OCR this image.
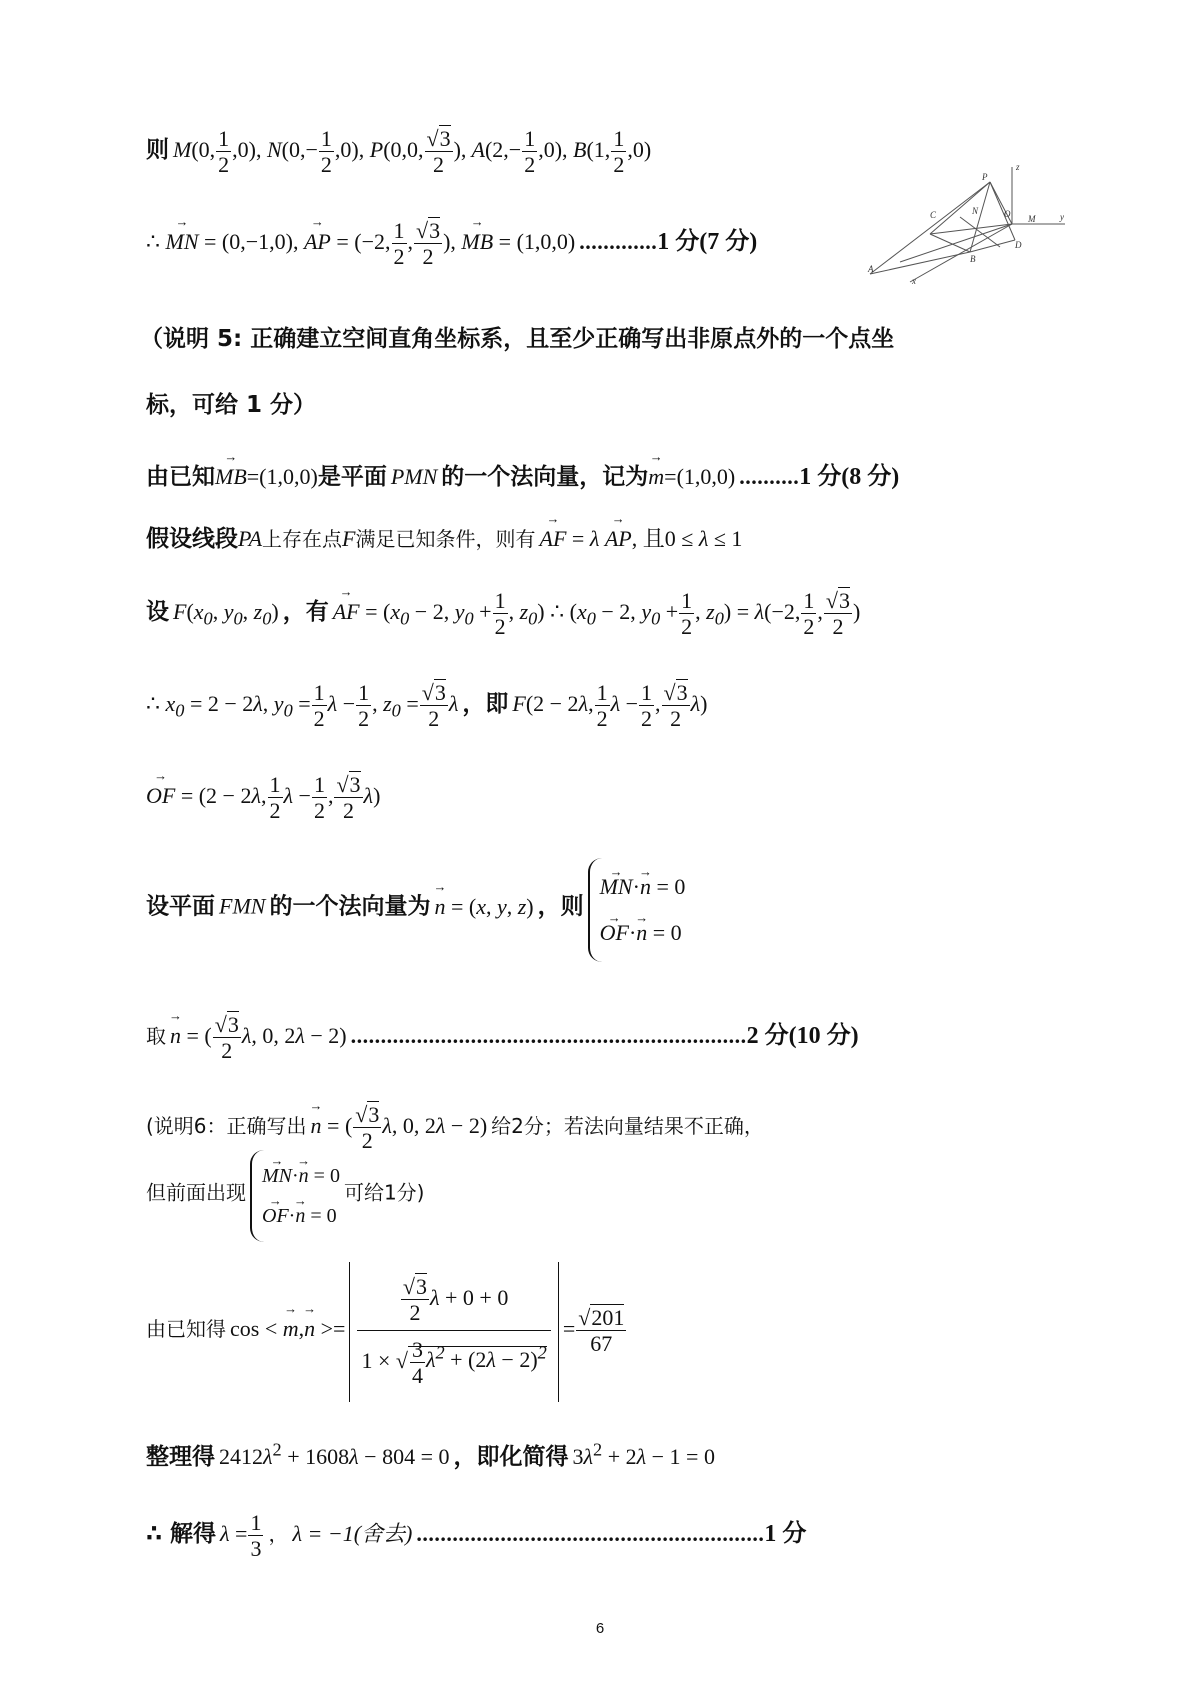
则 M(0, $\frac{1}{2} ,0$), $N(0,- \frac{1}{2} ,0)$, P(0,0, $\frac{√3}{2}$ ), $A(2,- \frac{1}{2} ,0)$, B(1, $\frac{1}{2} ,0$)
∴ → MN = (0,−1,0), → AP = (−2, $\frac{1}{2}$ , $\frac{√3}{2}$ ), → MB = (1,0,0) .............1 分(7 分)
P
z
C	N	O M	y
A
x
B
D
（说明 5: 正确建立空间直角坐标系，且至少正确写出非原点外的一个点坐
标，可给 1 分）
由已知→ MB=(1,0,0)是平面 PMN 的一个法向量，记为→ m=(1,0,0) ..........1 分(8 分)
假设线段PA上存在点F满足已知条件，则有 → AF = λ → AP, 且0 ≤ λ ≤ 1
设 $F(x_0$, $y_0$, $z_0$) ，有 → AF = ($x_0 - 2$, $y_0 + \frac{1}{2}$ , $z_0$) ∴ ($x_0 - 2$, $y_0 + \frac{1}{2}$ , $z_0) = \lambda(-2$, $\frac{1}{2}$ , $\frac{√3}{2}$ )
∴ $x_0 = 2 - 2\lambda$, $y_0 = \frac{1}{2}$ $\lambda - \frac{1}{2}$ , $z_0 = \frac{√3}{2}$ λ ，即 F(2 − 2λ, $\frac{1}{2}$ $\lambda - \frac{1}{2}$ , $\frac{√3}{2} \lambda$)
→ OF = (2 − 2λ, $\frac{1}{2}$ $\lambda - \frac{1}{2}$ , $\frac{√3}{2} \lambda$)
设平面 FMN 的一个法向量为 → n = (x, y, z) ，则
→ MN·→ n = 0
→ OF·→ n = 0
取 → n = ( $\frac{√3}{2} \lambda$, 0, 2λ − 2) ..................................................................2 分(10 分)
(说明6：正确写出 → n = ( $\frac{√3}{2} \lambda$, 0, 2λ − 2) 给2分；若法向量结果不正确，
但前面出现
→ MN·→ n = 0
→ OF·→ n = 0
可给1分)
由已知得 cos < → $m,\to n >= \frac{\frac{√3}{2} \lambda + 0 + 0}{1 \times √ \frac{3}{4} \lambda^2 + (2\lambda - 2)^2}$
= $\frac{√201}{67}$
整理得 $2412\lambda^2 + 1608\lambda - 804 = 0$ ，即化简得 $3\lambda^2 + 2\lambda - 1 = 0$
∴ 解得 $\lambda = \frac{1}{3}$
， λ = −1(舍去) ..........................................................1 分
6
